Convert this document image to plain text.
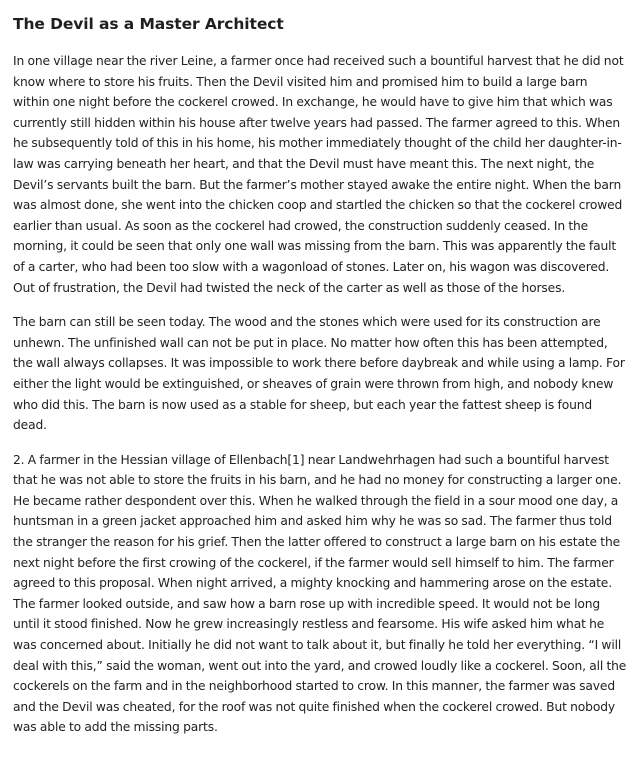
The Devil as a Master Architect

In one village near the river Leine, a farmer once had received such a bountiful harvest that he did not know where to store his fruits. Then the Devil visited him and promised him to build a large barn within one night before the cockerel crowed. In exchange, he would have to give him that which was currently still hidden within his house after twelve years had passed. The farmer agreed to this. When he subsequently told of this in his home, his mother immediately thought of the child her daughter-in-law was carrying beneath her heart, and that the Devil must have meant this. The next night, the Devil’s servants built the barn. But the farmer’s mother stayed awake the entire night. When the barn was almost done, she went into the chicken coop and startled the chicken so that the cockerel crowed earlier than usual. As soon as the cockerel had crowed, the construction suddenly ceased. In the morning, it could be seen that only one wall was missing from the barn. This was apparently the fault of a carter, who had been too slow with a wagonload of stones. Later on, his wagon was discovered. Out of frustration, the Devil had twisted the neck of the carter as well as those of the horses.

The barn can still be seen today. The wood and the stones which were used for its construction are unhewn. The unfinished wall can not be put in place. No matter how often this has been attempted, the wall always collapses. It was impossible to work there before daybreak and while using a lamp. For either the light would be extinguished, or sheaves of grain were thrown from high, and nobody knew who did this. The barn is now used as a stable for sheep, but each year the fattest sheep is found dead.

2. A farmer in the Hessian village of Ellenbach[1] near Landwehrhagen had such a bountiful harvest that he was not able to store the fruits in his barn, and he had no money for constructing a larger one. He became rather despondent over this. When he walked through the field in a sour mood one day, a huntsman in a green jacket approached him and asked him why he was so sad. The farmer thus told the stranger the reason for his grief. Then the latter offered to construct a large barn on his estate the next night before the first crowing of the cockerel, if the farmer would sell himself to him. The farmer agreed to this proposal. When night arrived, a mighty knocking and hammering arose on the estate. The farmer looked outside, and saw how a barn rose up with incredible speed. It would not be long until it stood finished. Now he grew increasingly restless and fearsome. His wife asked him what he was concerned about. Initially he did not want to talk about it, but finally he told her everything. “I will deal with this,” said the woman, went out into the yard, and crowed loudly like a cockerel. Soon, all the cockerels on the farm and in the neighborhood started to crow. In this manner, the farmer was saved and the Devil was cheated, for the roof was not quite finished when the cockerel crowed. But nobody was able to add the missing parts.
